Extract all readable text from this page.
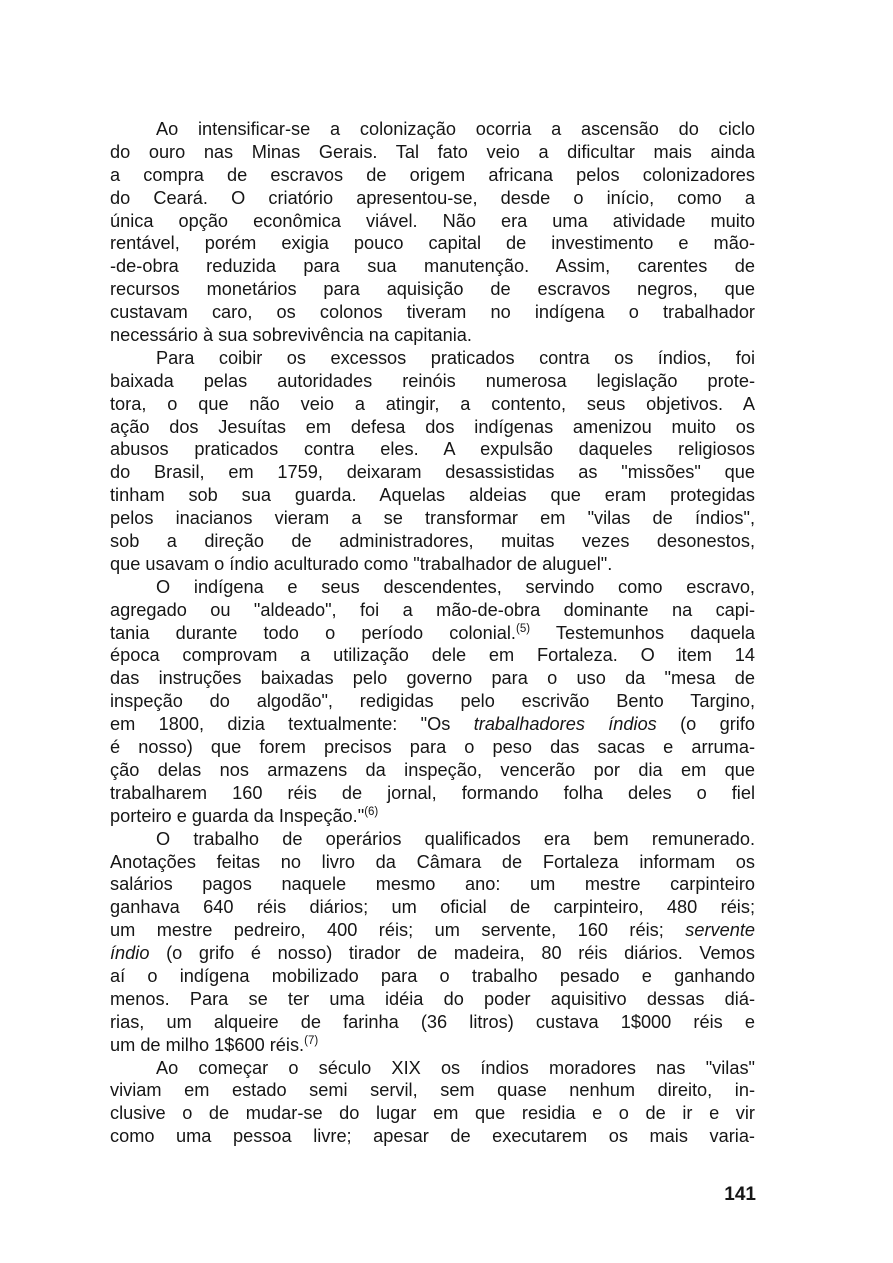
Ao intensificar-se a colonização ocorria a ascensão do ciclo
do ouro nas Minas Gerais. Tal fato veio a dificultar mais ainda
a compra de escravos de origem africana pelos colonizadores
do Ceará. O criatório apresentou-se, desde o início, como a
única opção econômica viável. Não era uma atividade muito
rentável, porém exigia pouco capital de investimento e mão-
-de-obra reduzida para sua manutenção. Assim, carentes de
recursos monetários para aquisição de escravos negros, que
custavam caro, os colonos tiveram no indígena o trabalhador
necessário à sua sobrevivência na capitania.
Para coibir os excessos praticados contra os índios, foi
baixada pelas autoridades reinóis numerosa legislação prote-
tora, o que não veio a atingir, a contento, seus objetivos. A
ação dos Jesuítas em defesa dos indígenas amenizou muito os
abusos praticados contra eles. A expulsão daqueles religiosos
do Brasil, em 1759, deixaram desassistidas as "missões" que
tinham sob sua guarda. Aquelas aldeias que eram protegidas
pelos inacianos vieram a se transformar em "vilas de índios",
sob a direção de administradores, muitas vezes desonestos,
que usavam o índio aculturado como "trabalhador de aluguel".
O indígena e seus descendentes, servindo como escravo,
agregado ou "aldeado", foi a mão-de-obra dominante na capi-
tania durante todo o período colonial.$^{(5)}$ Testemunhos daquela
época comprovam a utilização dele em Fortaleza. O item 14
das instruções baixadas pelo governo para o uso da "mesa de
inspeção do algodão", redigidas pelo escrivão Bento Targino,
em 1800, dizia textualmente: "Os trabalhadores índios (o grifo
é nosso) que forem precisos para o peso das sacas e arruma-
ção delas nos armazens da inspeção, vencerão por dia em que
trabalharem 160 réis de jornal, formando folha deles o fiel
porteiro e guarda da Inspeção."$^{(6)}$
O trabalho de operários qualificados era bem remunerado.
Anotações feitas no livro da Câmara de Fortaleza informam os
salários pagos naquele mesmo ano: um mestre carpinteiro
ganhava 640 réis diários; um oficial de carpinteiro, 480 réis;
um mestre pedreiro, 400 réis; um servente, 160 réis; servente
índio (o grifo é nosso) tirador de madeira, 80 réis diários. Vemos
aí o indígena mobilizado para o trabalho pesado e ganhando
menos. Para se ter uma idéia do poder aquisitivo dessas diá-
rias, um alqueire de farinha (36 litros) custava 1$000 réis e
um de milho 1$600 réis.$^{(7)}$
Ao começar o século XIX os índios moradores nas "vilas"
viviam em estado semi servil, sem quase nenhum direito, in-
clusive o de mudar-se do lugar em que residia e o de ir e vir
como uma pessoa livre; apesar de executarem os mais varia-
141
